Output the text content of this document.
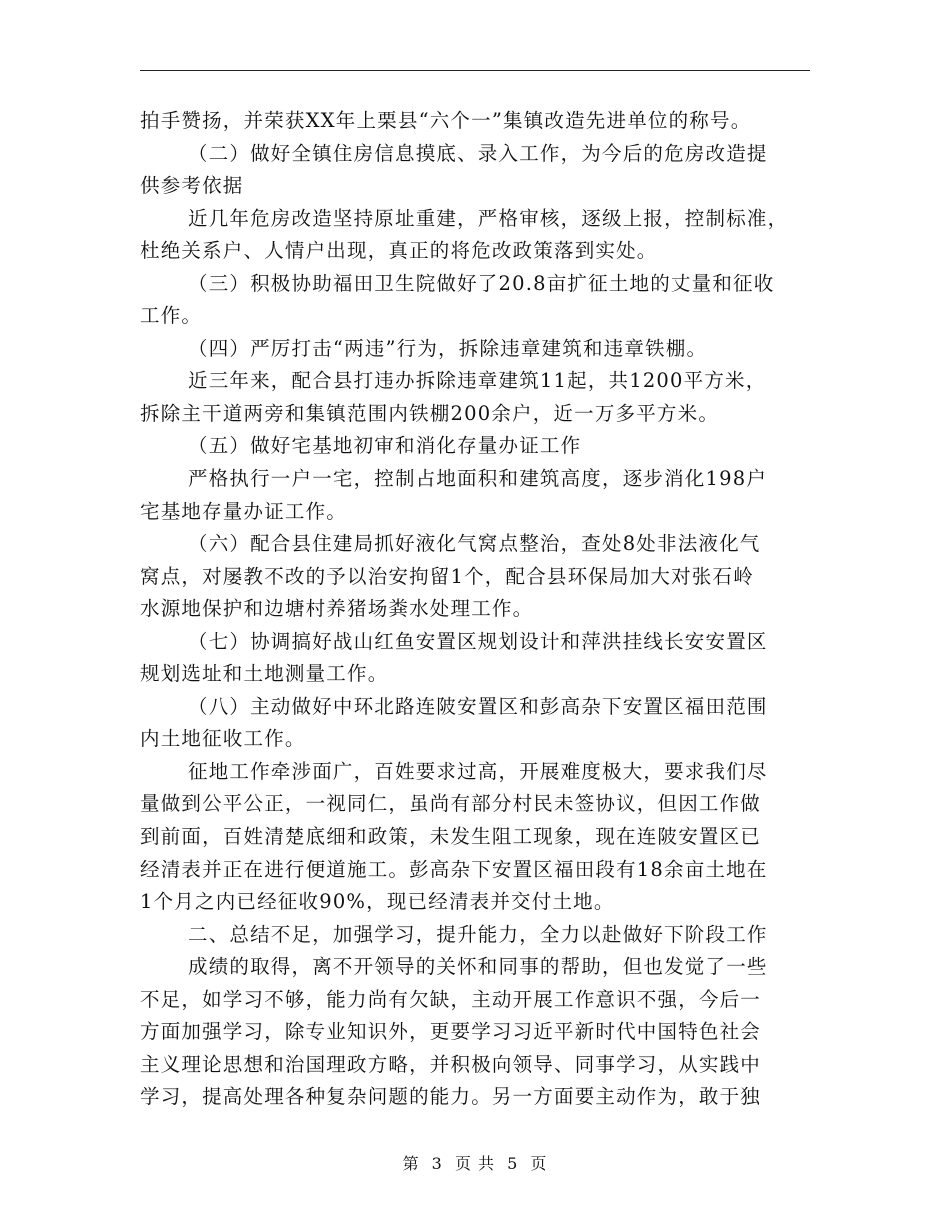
拍手赞扬，并荣获XX年上栗县“六个一”集镇改造先进单位的称号。
（二）做好全镇住房信息摸底、录入工作，为今后的危房改造提
供参考依据
近几年危房改造坚持原址重建，严格审核，逐级上报，控制标准，
杜绝关系户、人情户出现，真正的将危改政策落到实处。
（三）积极协助福田卫生院做好了20.8亩扩征土地的丈量和征收
工作。
（四）严厉打击“两违”行为，拆除违章建筑和违章铁棚。
近三年来，配合县打违办拆除违章建筑11起，共1200平方米，
拆除主干道两旁和集镇范围内铁棚200余户，近一万多平方米。
（五）做好宅基地初审和消化存量办证工作
严格执行一户一宅，控制占地面积和建筑高度，逐步消化198户
宅基地存量办证工作。
（六）配合县住建局抓好液化气窝点整治，查处8处非法液化气
窝点，对屡教不改的予以治安拘留1个，配合县环保局加大对张石岭
水源地保护和边塘村养猪场粪水处理工作。
（七）协调搞好战山红鱼安置区规划设计和萍洪挂线长安安置区
规划选址和土地测量工作。
（八）主动做好中环北路连陂安置区和彭高杂下安置区福田范围
内土地征收工作。
征地工作牵涉面广，百姓要求过高，开展难度极大，要求我们尽
量做到公平公正，一视同仁，虽尚有部分村民未签协议，但因工作做
到前面，百姓清楚底细和政策，未发生阻工现象，现在连陂安置区已
经清表并正在进行便道施工。彭高杂下安置区福田段有18余亩土地在
1个月之内已经征收90%，现已经清表并交付土地。
二、总结不足，加强学习，提升能力，全力以赴做好下阶段工作
成绩的取得，离不开领导的关怀和同事的帮助，但也发觉了一些
不足，如学习不够，能力尚有欠缺，主动开展工作意识不强，今后一
方面加强学习，除专业知识外，更要学习习近平新时代中国特色社会
主义理论思想和治国理政方略，并积极向领导、同事学习，从实践中
学习，提高处理各种复杂问题的能力。另一方面要主动作为，敢于独
第 3 页 共 5 页
